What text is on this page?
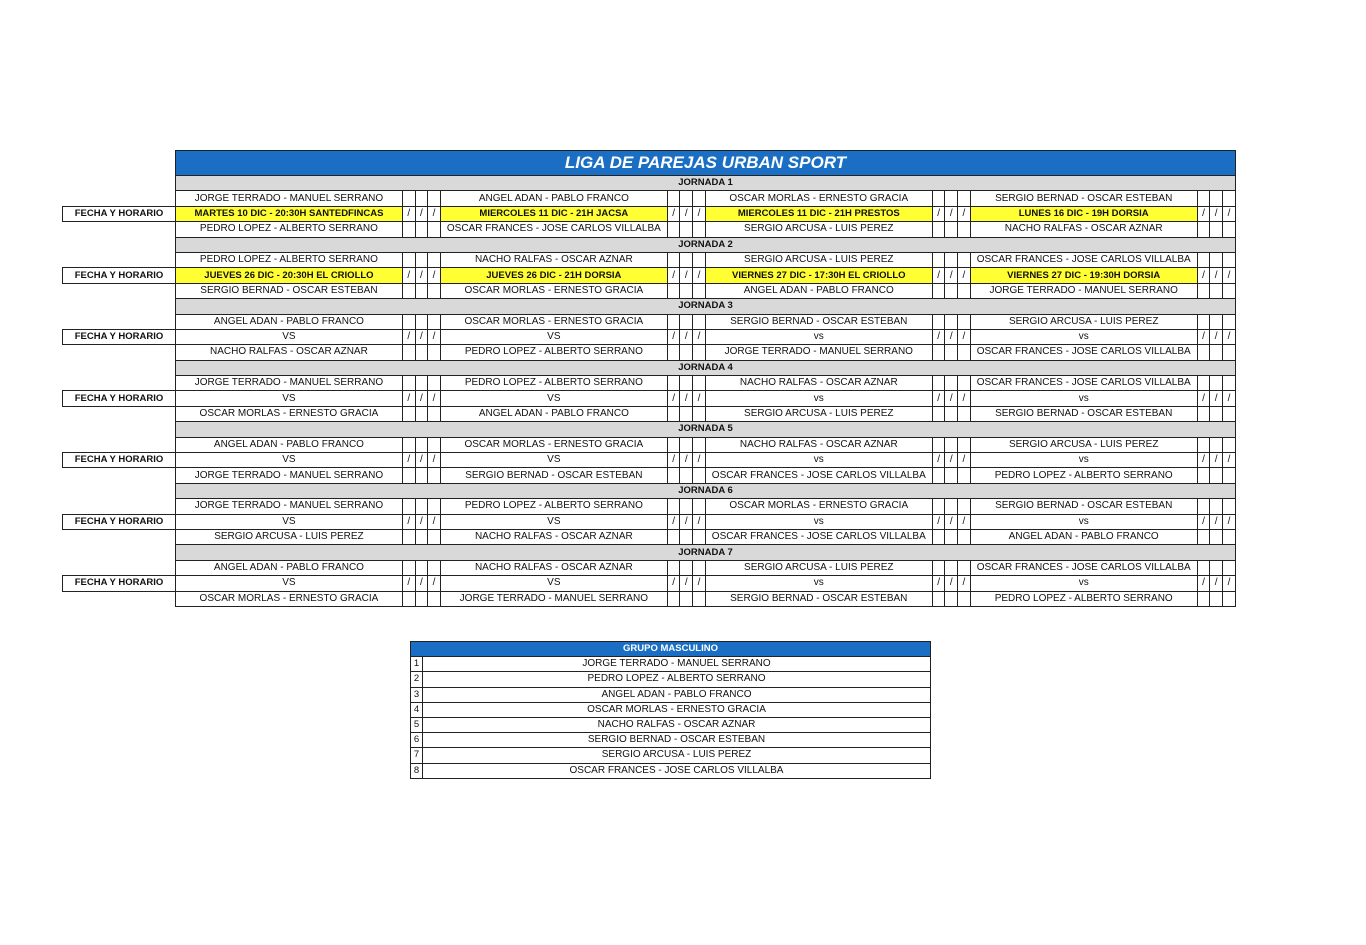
	LIGA DE PAREJAS URBAN SPORT															
	JORNADA 1															
	JORGE TERRADO - MANUEL SERRANO				ANGEL ADAN - PABLO FRANCO				OSCAR MORLAS - ERNESTO GRACIA				SERGIO BERNAD - OSCAR ESTEBAN			
FECHA Y HORARIO	MARTES 10 DIC - 20:30H SANTEDFINCAS	/	/	/	MIERCOLES 11 DIC - 21H JACSA	/	/	/	MIERCOLES 11 DIC - 21H PRESTOS	/	/	/	LUNES 16 DIC - 19H DORSIA	/	/	/
	PEDRO LOPEZ - ALBERTO SERRANO				OSCAR FRANCES - JOSE CARLOS VILLALBA				SERGIO ARCUSA - LUIS PEREZ				NACHO RALFAS - OSCAR AZNAR			
	JORNADA 2															
	PEDRO LOPEZ - ALBERTO SERRANO				NACHO RALFAS - OSCAR AZNAR				SERGIO ARCUSA - LUIS PEREZ				OSCAR FRANCES - JOSE CARLOS VILLALBA			
FECHA Y HORARIO	JUEVES 26 DIC - 20:30H EL CRIOLLO	/	/	/	JUEVES 26 DIC - 21H DORSIA	/	/	/	VIERNES 27 DIC - 17:30H EL CRIOLLO	/	/	/	VIERNES 27 DIC - 19:30H DORSIA	/	/	/
	SERGIO BERNAD - OSCAR ESTEBAN				OSCAR MORLAS - ERNESTO GRACIA				ANGEL ADAN - PABLO FRANCO				JORGE TERRADO - MANUEL SERRANO			
	JORNADA 3															
	ANGEL ADAN - PABLO FRANCO				OSCAR MORLAS - ERNESTO GRACIA				SERGIO BERNAD - OSCAR ESTEBAN				SERGIO ARCUSA - LUIS PEREZ			
FECHA Y HORARIO	VS	/	/	/	VS	/	/	/	vs	/	/	/	vs	/	/	/
	NACHO RALFAS - OSCAR AZNAR				PEDRO LOPEZ - ALBERTO SERRANO				JORGE TERRADO - MANUEL SERRANO				OSCAR FRANCES - JOSE CARLOS VILLALBA			
	JORNADA 4															
	JORGE TERRADO - MANUEL SERRANO				PEDRO LOPEZ - ALBERTO SERRANO				NACHO RALFAS - OSCAR AZNAR				OSCAR FRANCES - JOSE CARLOS VILLALBA			
FECHA Y HORARIO	VS	/	/	/	VS	/	/	/	vs	/	/	/	vs	/	/	/
	OSCAR MORLAS - ERNESTO GRACIA				ANGEL ADAN - PABLO FRANCO				SERGIO ARCUSA - LUIS PEREZ				SERGIO BERNAD - OSCAR ESTEBAN			
	JORNADA 5															
	ANGEL ADAN - PABLO FRANCO				OSCAR MORLAS - ERNESTO GRACIA				NACHO RALFAS - OSCAR AZNAR				SERGIO ARCUSA - LUIS PEREZ			
FECHA Y HORARIO	VS	/	/	/	VS	/	/	/	vs	/	/	/	vs	/	/	/
	JORGE TERRADO - MANUEL SERRANO				SERGIO BERNAD - OSCAR ESTEBAN				OSCAR FRANCES - JOSE CARLOS VILLALBA				PEDRO LOPEZ - ALBERTO SERRANO			
	JORNADA 6															
	JORGE TERRADO - MANUEL SERRANO				PEDRO LOPEZ - ALBERTO SERRANO				OSCAR MORLAS - ERNESTO GRACIA				SERGIO BERNAD - OSCAR ESTEBAN			
FECHA Y HORARIO	VS	/	/	/	VS	/	/	/	vs	/	/	/	vs	/	/	/
	SERGIO ARCUSA - LUIS PEREZ				NACHO RALFAS - OSCAR AZNAR				OSCAR FRANCES - JOSE CARLOS VILLALBA				ANGEL ADAN - PABLO FRANCO			
	JORNADA 7															
	ANGEL ADAN - PABLO FRANCO				NACHO RALFAS - OSCAR AZNAR				SERGIO ARCUSA - LUIS PEREZ				OSCAR FRANCES - JOSE CARLOS VILLALBA			
FECHA Y HORARIO	VS	/	/	/	VS	/	/	/	vs	/	/	/	vs	/	/	/
	OSCAR MORLAS - ERNESTO GRACIA				JORGE TERRADO - MANUEL SERRANO				SERGIO BERNAD - OSCAR ESTEBAN				PEDRO LOPEZ - ALBERTO SERRANO			
GRUPO MASCULINO	
1	JORGE TERRADO - MANUEL SERRANO
2	PEDRO LOPEZ - ALBERTO SERRANO
3	ANGEL ADAN - PABLO FRANCO
4	OSCAR MORLAS - ERNESTO GRACIA
5	NACHO RALFAS - OSCAR AZNAR
6	SERGIO BERNAD - OSCAR ESTEBAN
7	SERGIO ARCUSA - LUIS PEREZ
8	OSCAR FRANCES - JOSE CARLOS VILLALBA
